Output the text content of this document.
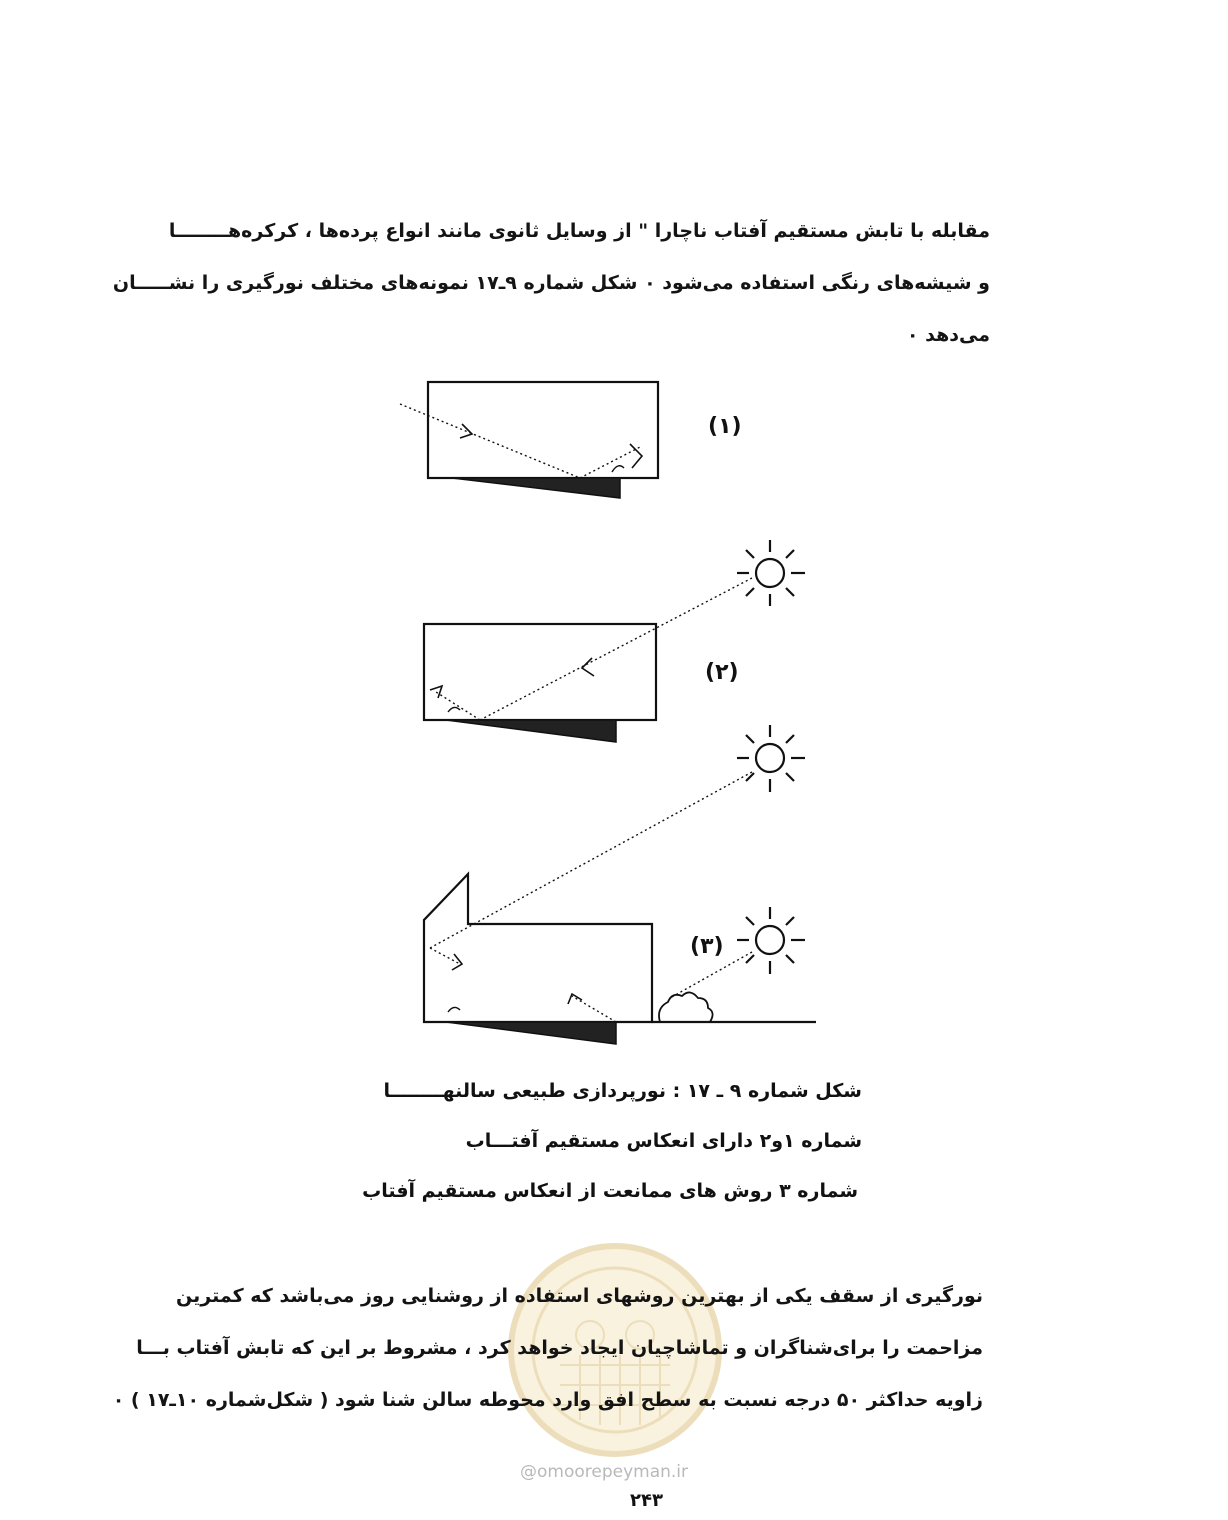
مقابله با تابش مستقیم آفتاب ناچارا " از وسایل ثانوی مانند انواع پرده‌ها ، کرکره‌هــــــــا
و شیشه‌های رنگی استفاده می‌شود ۰ شکل شماره ۹ـ۱۷ نمونه‌های مختلف نورگیری را نشـــــان
می‌دهد ۰
(۱)
(۲)
(۳)
شکل شماره ۹ ـ ۱۷ : نورپردازی طبیعی سالنهــــــــا
شماره ۱و۲ دارای انعکاس مستقیم آفتـــاب
شماره ۳ روش های ممانعت از انعکاس مستقیم آفتاب
@omoorepeyman.ir
نورگیری از سقف یکی از بهترین روشهای استفاده از روشنایی روز می‌باشد که کمترین
مزاحمت را برای‌شناگران و تماشاچیان ایجاد خواهد کرد ، مشروط بر این که تابش آفتاب بـــا
زاویه حداکثر ۵۰ درجه نسبت به سطح افق وارد محوطه سالن شنا شود ( شکل‌شماره ۱۰ـ۱۷ ) ۰
۲۴۳
